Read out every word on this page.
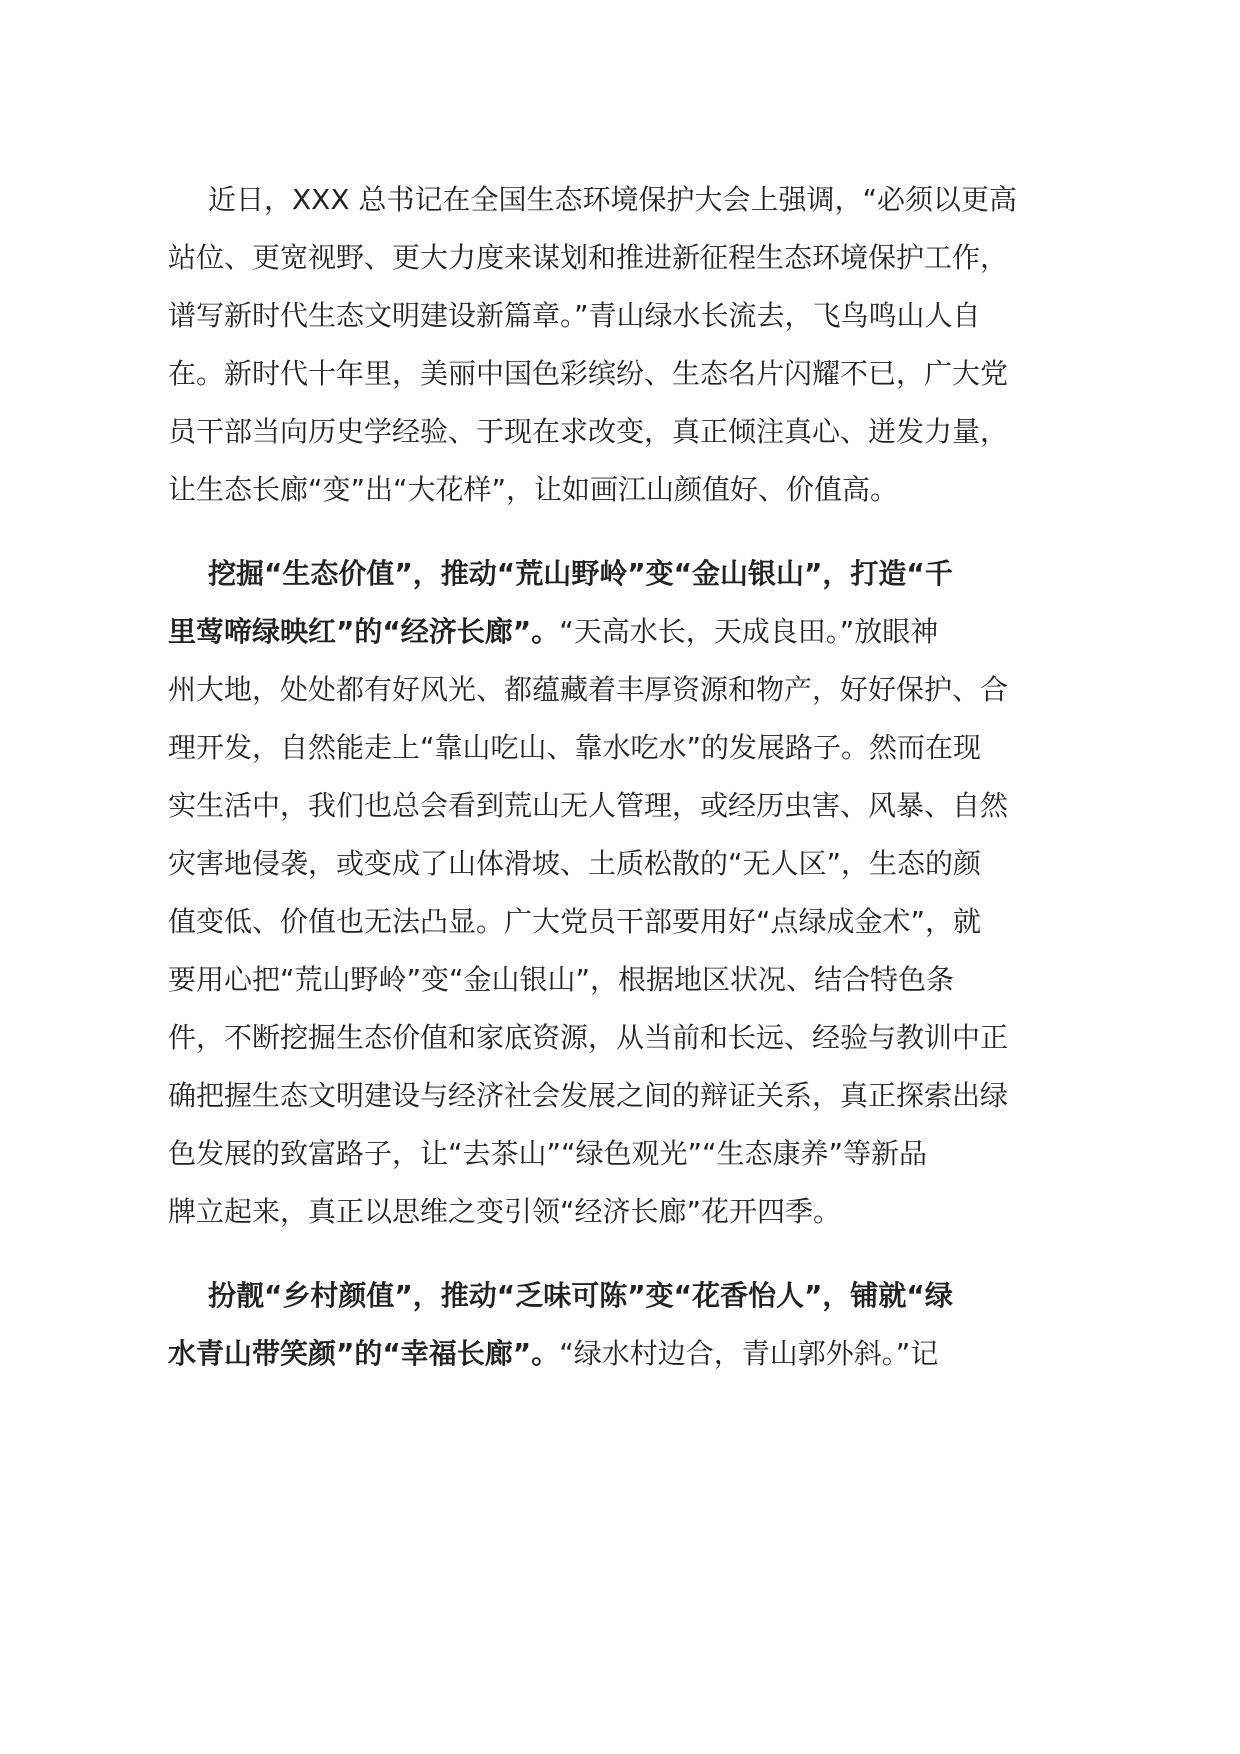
近日，XXX 总书记在全国生态环境保护大会上强调，“必须以更高
站位、更宽视野、更大力度来谋划和推进新征程生态环境保护工作，
谱写新时代生态文明建设新篇章。”青山绿水长流去，飞鸟鸣山人自
在。新时代十年里，美丽中国色彩缤纷、生态名片闪耀不已，广大党
员干部当向历史学经验、于现在求改变，真正倾注真心、迸发力量，
让生态长廊“变”出“大花样”，让如画江山颜值好、价值高。
挖掘“生态价值”，推动“荒山野岭”变“金山银山”，打造“千
里莺啼绿映红”的“经济长廊”。“天高水长，天成良田。”放眼神
州大地，处处都有好风光、都蕴藏着丰厚资源和物产，好好保护、合
理开发，自然能走上“靠山吃山、靠水吃水”的发展路子。然而在现
实生活中，我们也总会看到荒山无人管理，或经历虫害、风暴、自然
灾害地侵袭，或变成了山体滑坡、土质松散的“无人区”，生态的颜
值变低、价值也无法凸显。广大党员干部要用好“点绿成金术”，就
要用心把“荒山野岭”变“金山银山”，根据地区状况、结合特色条
件，不断挖掘生态价值和家底资源，从当前和长远、经验与教训中正
确把握生态文明建设与经济社会发展之间的辩证关系，真正探索出绿
色发展的致富路子，让“去茶山”“绿色观光”“生态康养”等新品
牌立起来，真正以思维之变引领“经济长廊”花开四季。
扮靓“乡村颜值”，推动“乏味可陈”变“花香怡人”，铺就“绿
水青山带笑颜”的“幸福长廊”。“绿水村边合，青山郭外斜。”记
